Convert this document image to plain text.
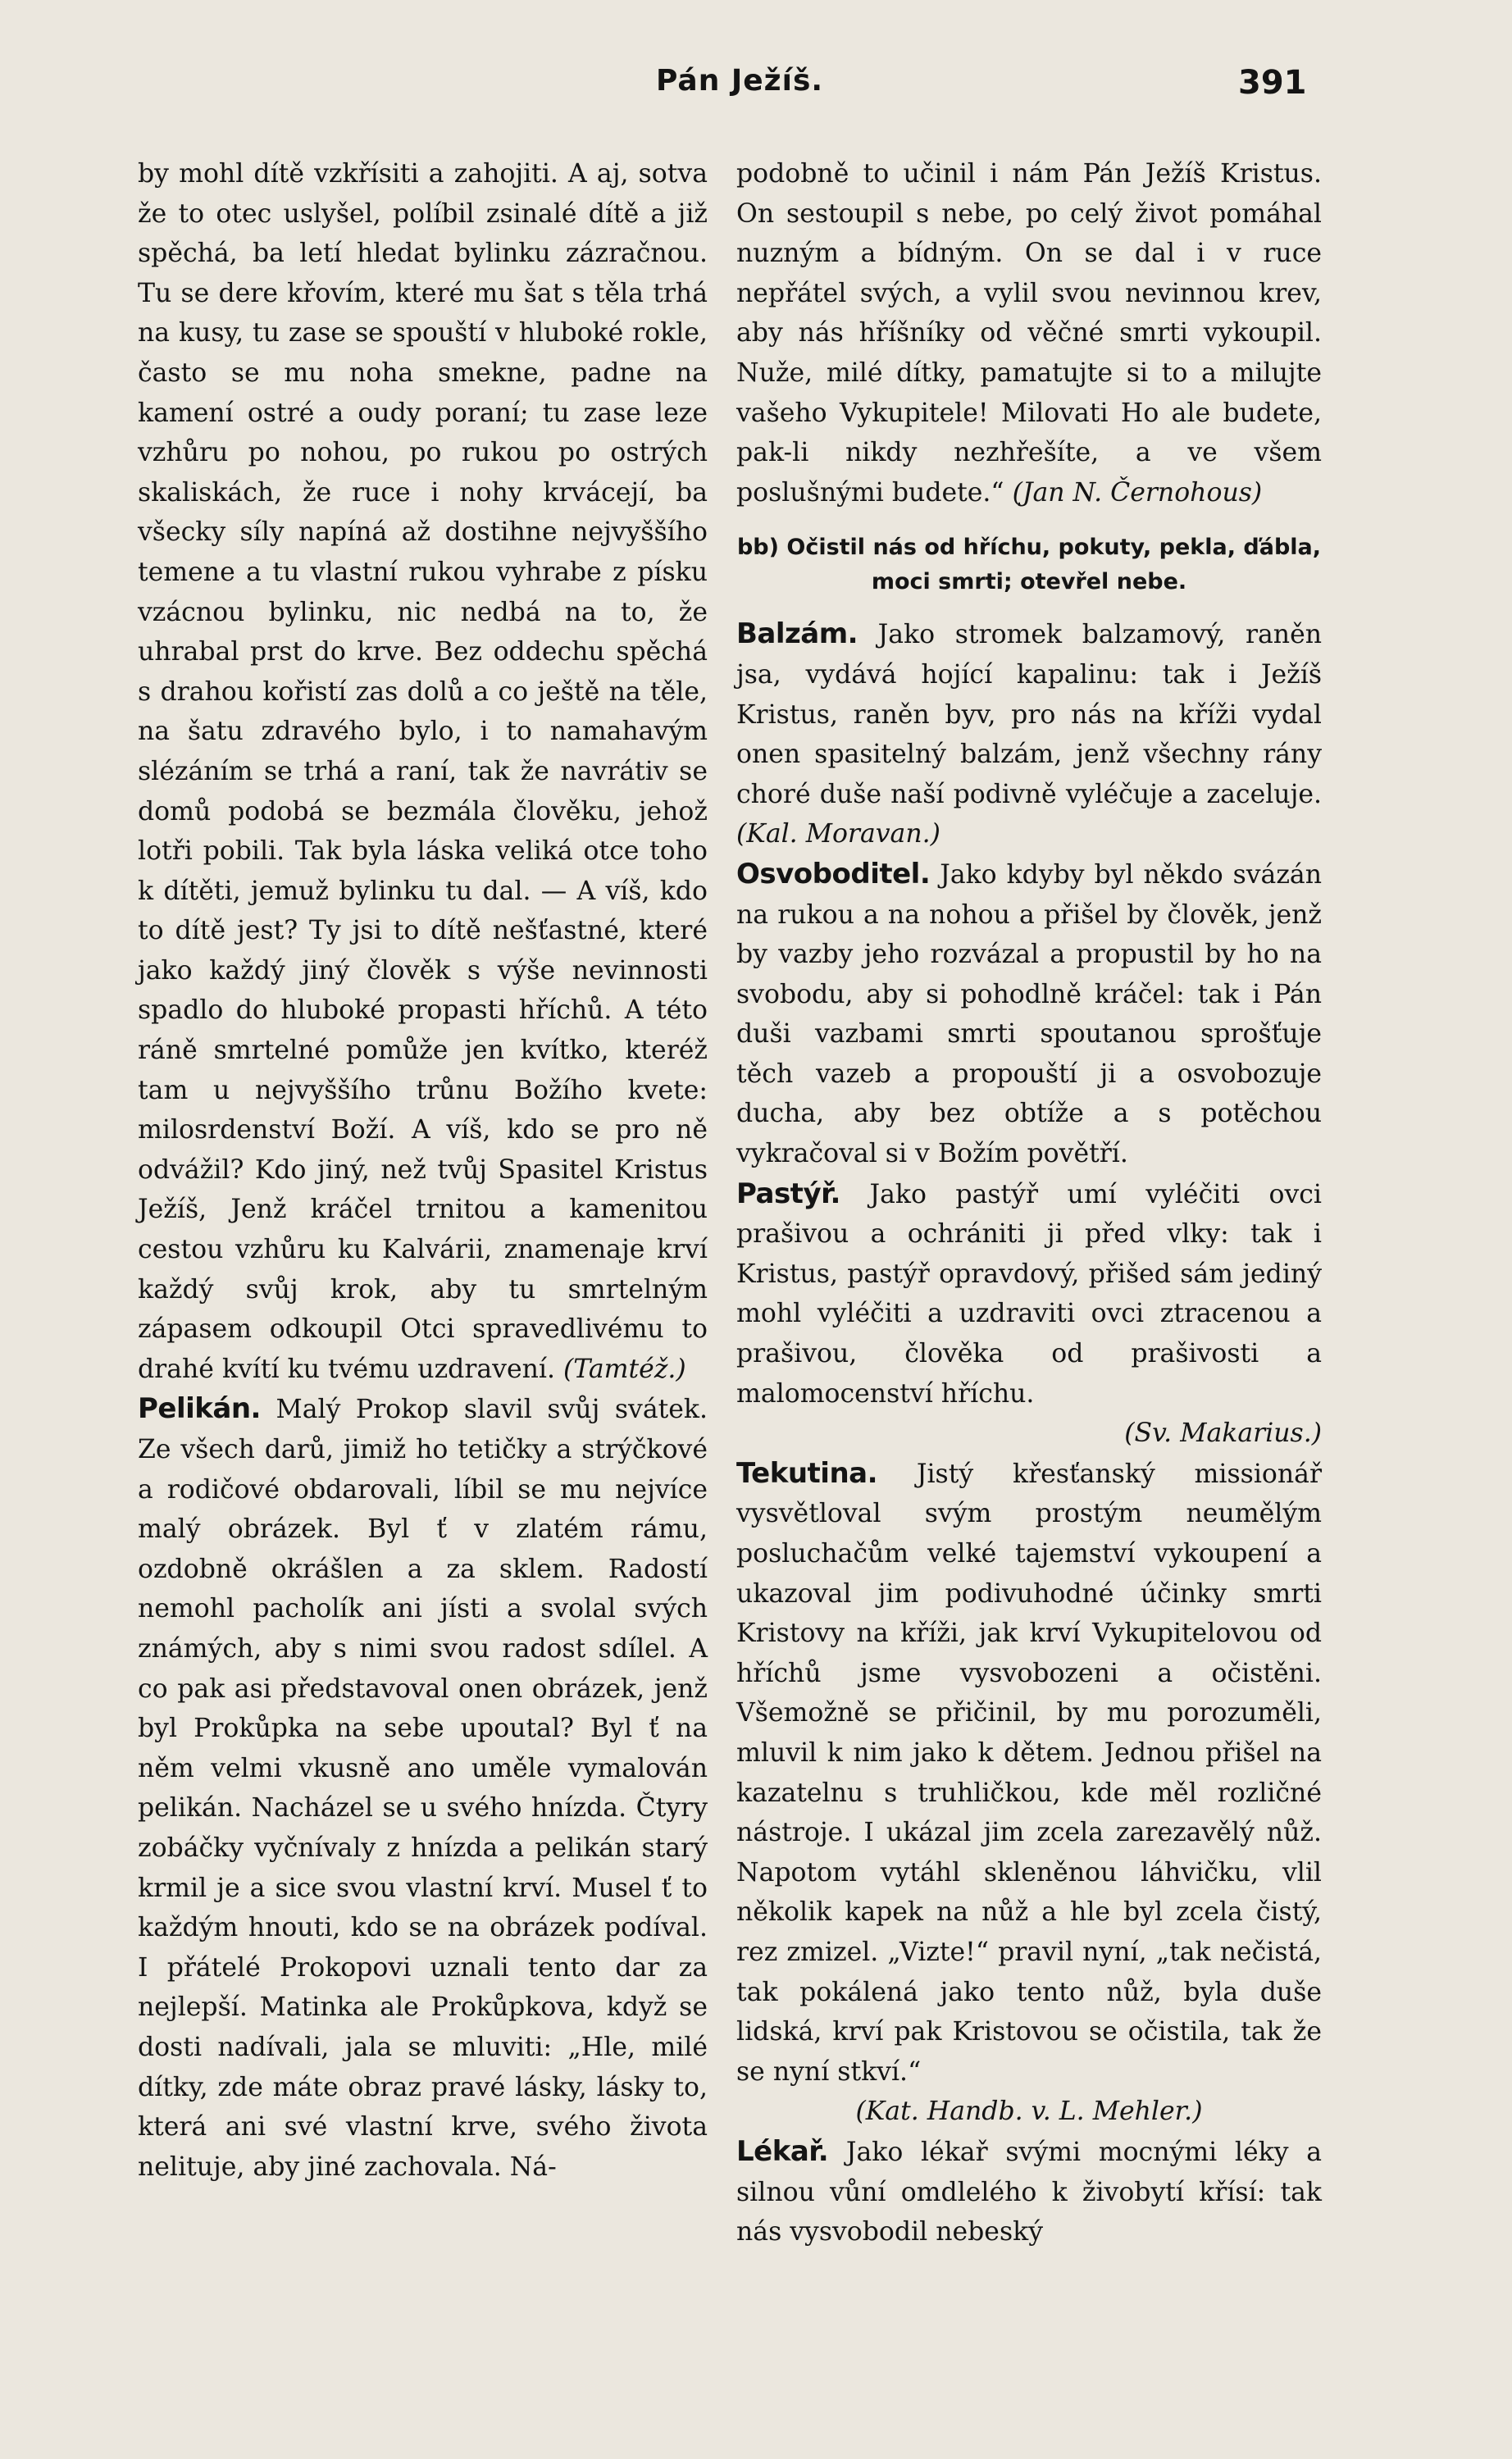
Pán Ježíš.	391

by mohl dítě vzkřísiti a zahojiti. A aj, sotva že to otec uslyšel, políbil zsinalé dítě a již spěchá, ba letí hledat bylinku zázračnou. Tu se dere křovím, které mu šat s těla trhá na kusy, tu zase se spouští v hluboké rokle, často se mu noha smekne, padne na kamení ostré a oudy poraní; tu zase leze vzhůru po nohou, po rukou po ostrých skaliskách, že ruce i nohy krvácejí, ba všecky síly napíná až dostihne nejvyššího temene a tu vlastní rukou vyhrabe z písku vzácnou bylinku, nic nedbá na to, že uhrabal prst do krve. Bez oddechu spěchá s drahou kořistí zas dolů a co ještě na těle, na šatu zdravého bylo, i to namahavým slézáním se trhá a raní, tak že navrátiv se domů podobá se bezmála člověku, jehož lotři pobili. Tak byla láska veliká otce toho k dítěti, jemuž bylinku tu dal. — A víš, kdo to dítě jest? Ty jsi to dítě nešťastné, které jako každý jiný člověk s výše nevinnosti spadlo do hluboké propasti hříchů. A této ráně smrtelné pomůže jen kvítko, kteréž tam u nejvyššího trůnu Božího kvete: milosrdenství Boží. A víš, kdo se pro ně odvážil? Kdo jiný, než tvůj Spasitel Kristus Ježíš, Jenž kráčel trnitou a kamenitou cestou vzhůru ku Kalvárii, znamenaje krví každý svůj krok, aby tu smrtelným zápasem odkoupil Otci spravedlivému to drahé kvítí ku tvému uzdravení. (Tamtéž.)

Pelikán. Malý Prokop slavil svůj svátek. Ze všech darů, jimiž ho tetičky a strýčkové a rodičové obdarovali, líbil se mu nejvíce malý obrázek. Byl ť v zlatém rámu, ozdobně okrášlen a za sklem. Radostí nemohl pacholík ani jísti a svolal svých známých, aby s nimi svou radost sdílel. A co pak asi představoval onen obrázek, jenž byl Prokůpka na sebe upoutal? Byl ť na něm velmi vkusně ano uměle vymalován pelikán. Nacházel se u svého hnízda. Čtyry zobáčky vyčnívaly z hnízda a pelikán starý krmil je a sice svou vlastní krví. Musel ť to každým hnouti, kdo se na obrázek podíval. I přátelé Prokopovi uznali tento dar za nejlepší. Matinka ale Prokůpkova, když se dosti nadívali, jala se mluviti: „Hle, milé dítky, zde máte obraz pravé lásky, lásky to, která ani své vlastní krve, svého života nelituje, aby jiné zachovala. Ná-

podobně to učinil i nám Pán Ježíš Kristus. On sestoupil s nebe, po celý život pomáhal nuzným a bídným. On se dal i v ruce nepřátel svých, a vylil svou nevinnou krev, aby nás hříšníky od věčné smrti vykoupil. Nuže, milé dítky, pamatujte si to a milujte vašeho Vykupitele! Milovati Ho ale budete, pak-li nikdy nezhřešíte, a ve všem poslušnými budete.“ (Jan N. Černohous)

bb) Očistil nás od hříchu, pokuty, pekla, ďábla, moci smrti; otevřel nebe.

Balzám. Jako stromek balzamový, raněn jsa, vydává hojící kapalinu: tak i Ježíš Kristus, raněn byv, pro nás na kříži vydal onen spasitelný balzám, jenž všechny rány choré duše naší podivně vyléčuje a zaceluje. (Kal. Moravan.)

Osvoboditel. Jako kdyby byl někdo svázán na rukou a na nohou a přišel by člověk, jenž by vazby jeho rozvázal a propustil by ho na svobodu, aby si pohodlně kráčel: tak i Pán duši vazbami smrti spoutanou sprošťuje těch vazeb a propouští ji a osvobozuje ducha, aby bez obtíže a s potěchou vykračoval si v Božím povětří.

Pastýř. Jako pastýř umí vyléčiti ovci prašivou a ochrániti ji před vlky: tak i Kristus, pastýř opravdový, přišed sám jediný mohl vyléčiti a uzdraviti ovci ztracenou a prašivou, člověka od prašivosti a malomocenství hříchu.

(Sv. Makarius.)

Tekutina. Jistý křesťanský missionář vysvětloval svým prostým neumělým posluchačům velké tajemství vykoupení a ukazoval jim podivuhodné účinky smrti Kristovy na kříži, jak krví Vykupitelovou od hříchů jsme vysvobozeni a očistěni. Všemožně se přičinil, by mu porozuměli, mluvil k nim jako k dětem. Jednou přišel na kazatelnu s truhličkou, kde měl rozličné nástroje. I ukázal jim zcela zarezavělý nůž. Napotom vytáhl skleněnou láhvičku, vlil několik kapek na nůž a hle byl zcela čistý, rez zmizel. „Vizte!“ pravil nyní, „tak nečistá, tak pokálená jako tento nůž, byla duše lidská, krví pak Kristovou se očistila, tak že se nyní stkví.“

(Kat. Handb. v. L. Mehler.)

Lékař. Jako lékař svými mocnými léky a silnou vůní omdlelého k živobytí křísí: tak nás vysvobodil nebeský
